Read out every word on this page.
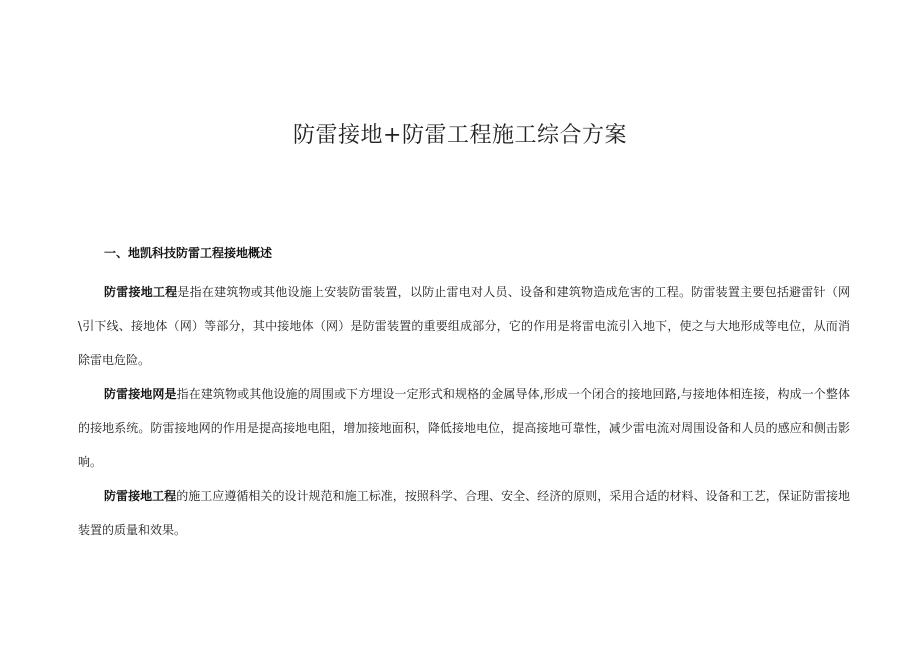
防雷接地+防雷工程施工综合方案
一、地凯科技防雷工程接地概述

防雷接地工程是指在建筑物或其他设施上安装防雷装置，以防止雷电对人员、设备和建筑物造成危害的工程。防雷装置主要包括避雷针（网\引下线、接地体（网）等部分，其中接地体（网）是防雷装置的重要组成部分，它的作用是将雷电流引入地下，使之与大地形成等电位，从而消除雷电危险。

防雷接地网是指在建筑物或其他设施的周围或下方埋设一定形式和规格的金属导体,形成一个闭合的接地回路,与接地体相连接，构成一个整体的接地系统。防雷接地网的作用是提高接地电阻，增加接地面积，降低接地电位，提高接地可靠性，减少雷电流对周围设备和人员的感应和侧击影响。

防雷接地工程的施工应遵循相关的设计规范和施工标准，按照科学、合理、安全、经济的原则，采用合适的材料、设备和工艺，保证防雷接地装置的质量和效果。
